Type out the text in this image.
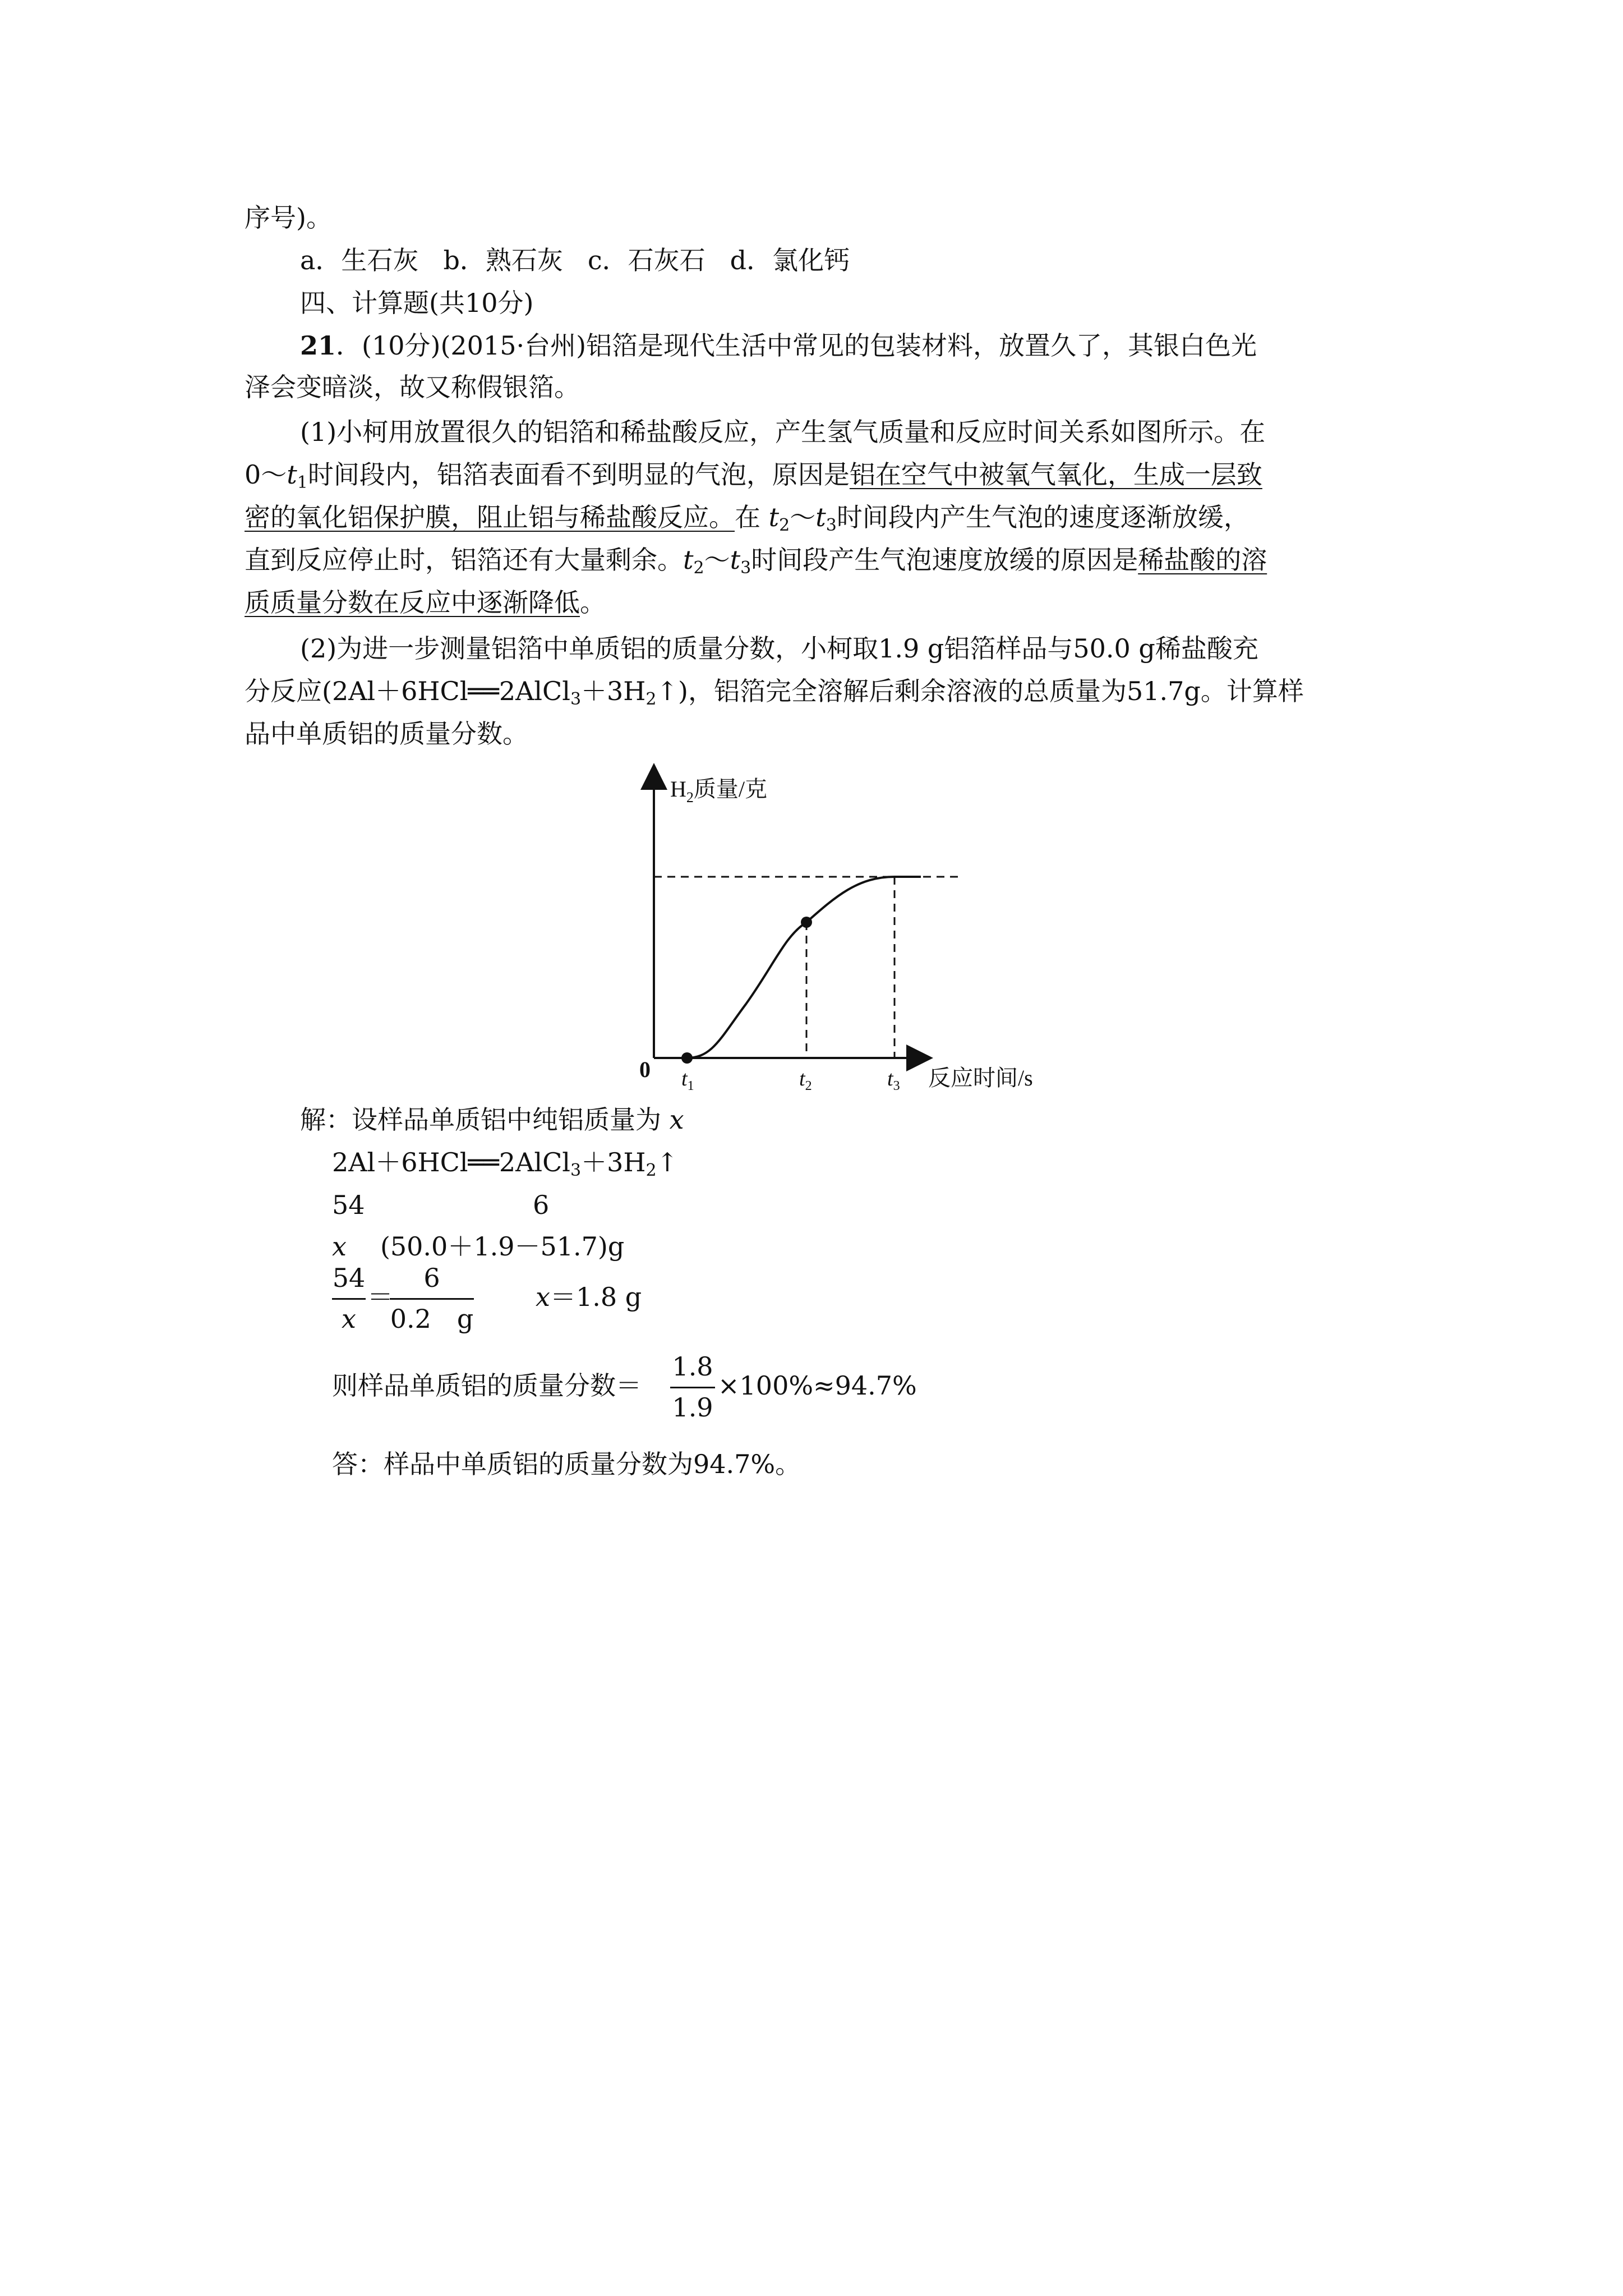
序号)。
a．生石灰 b．熟石灰 c．石灰石 d．氯化钙
四、计算题(共10分)
21．(10分)(2015·台州)铝箔是现代生活中常见的包装材料，放置久了，其银白色光
泽会变暗淡，故又称假银箔。
(1)小柯用放置很久的铝箔和稀盐酸反应，产生氢气质量和反应时间关系如图所示。在
$0\sim t_1$时间段内，铝箔表面看不到明显的气泡，原因是铝在空气中被氧气氧化，生成一层致
密的氧化铝保护膜，阻止铝与稀盐酸反应。在 $t_2\sim t_3$时间段内产生气泡的速度逐渐放缓，
直到反应停止时，铝箔还有大量剩余。$t_2\sim t_3$时间段产生气泡速度放缓的原因是稀盐酸的溶
质质量分数在反应中逐渐降低。
(2)为进一步测量铝箔中单质铝的质量分数，小柯取1.9 g铝箔样品与50.0 g稀盐酸充
分反应$(2Al+6HCl══2AlCl_3+3H_2↑)$，铝箔完全溶解后剩余溶液的总质量为51.7g。计算样
品中单质铝的质量分数。
$H_2$质量/克
0 $t_1$	$t_2$	$t_3$ 反应时间/s
解：设样品单质铝中纯铝质量为 x
$2Al+6HCl══2AlCl_3+3H_2↑$
54	6
x (50.0＋1.9－51.7)g
54
x
＝
6
0.2　g
x＝1.8 g
则样品单质铝的质量分数＝
1.8
1.9
×100%≈94.7%
答：样品中单质铝的质量分数为94.7%。
